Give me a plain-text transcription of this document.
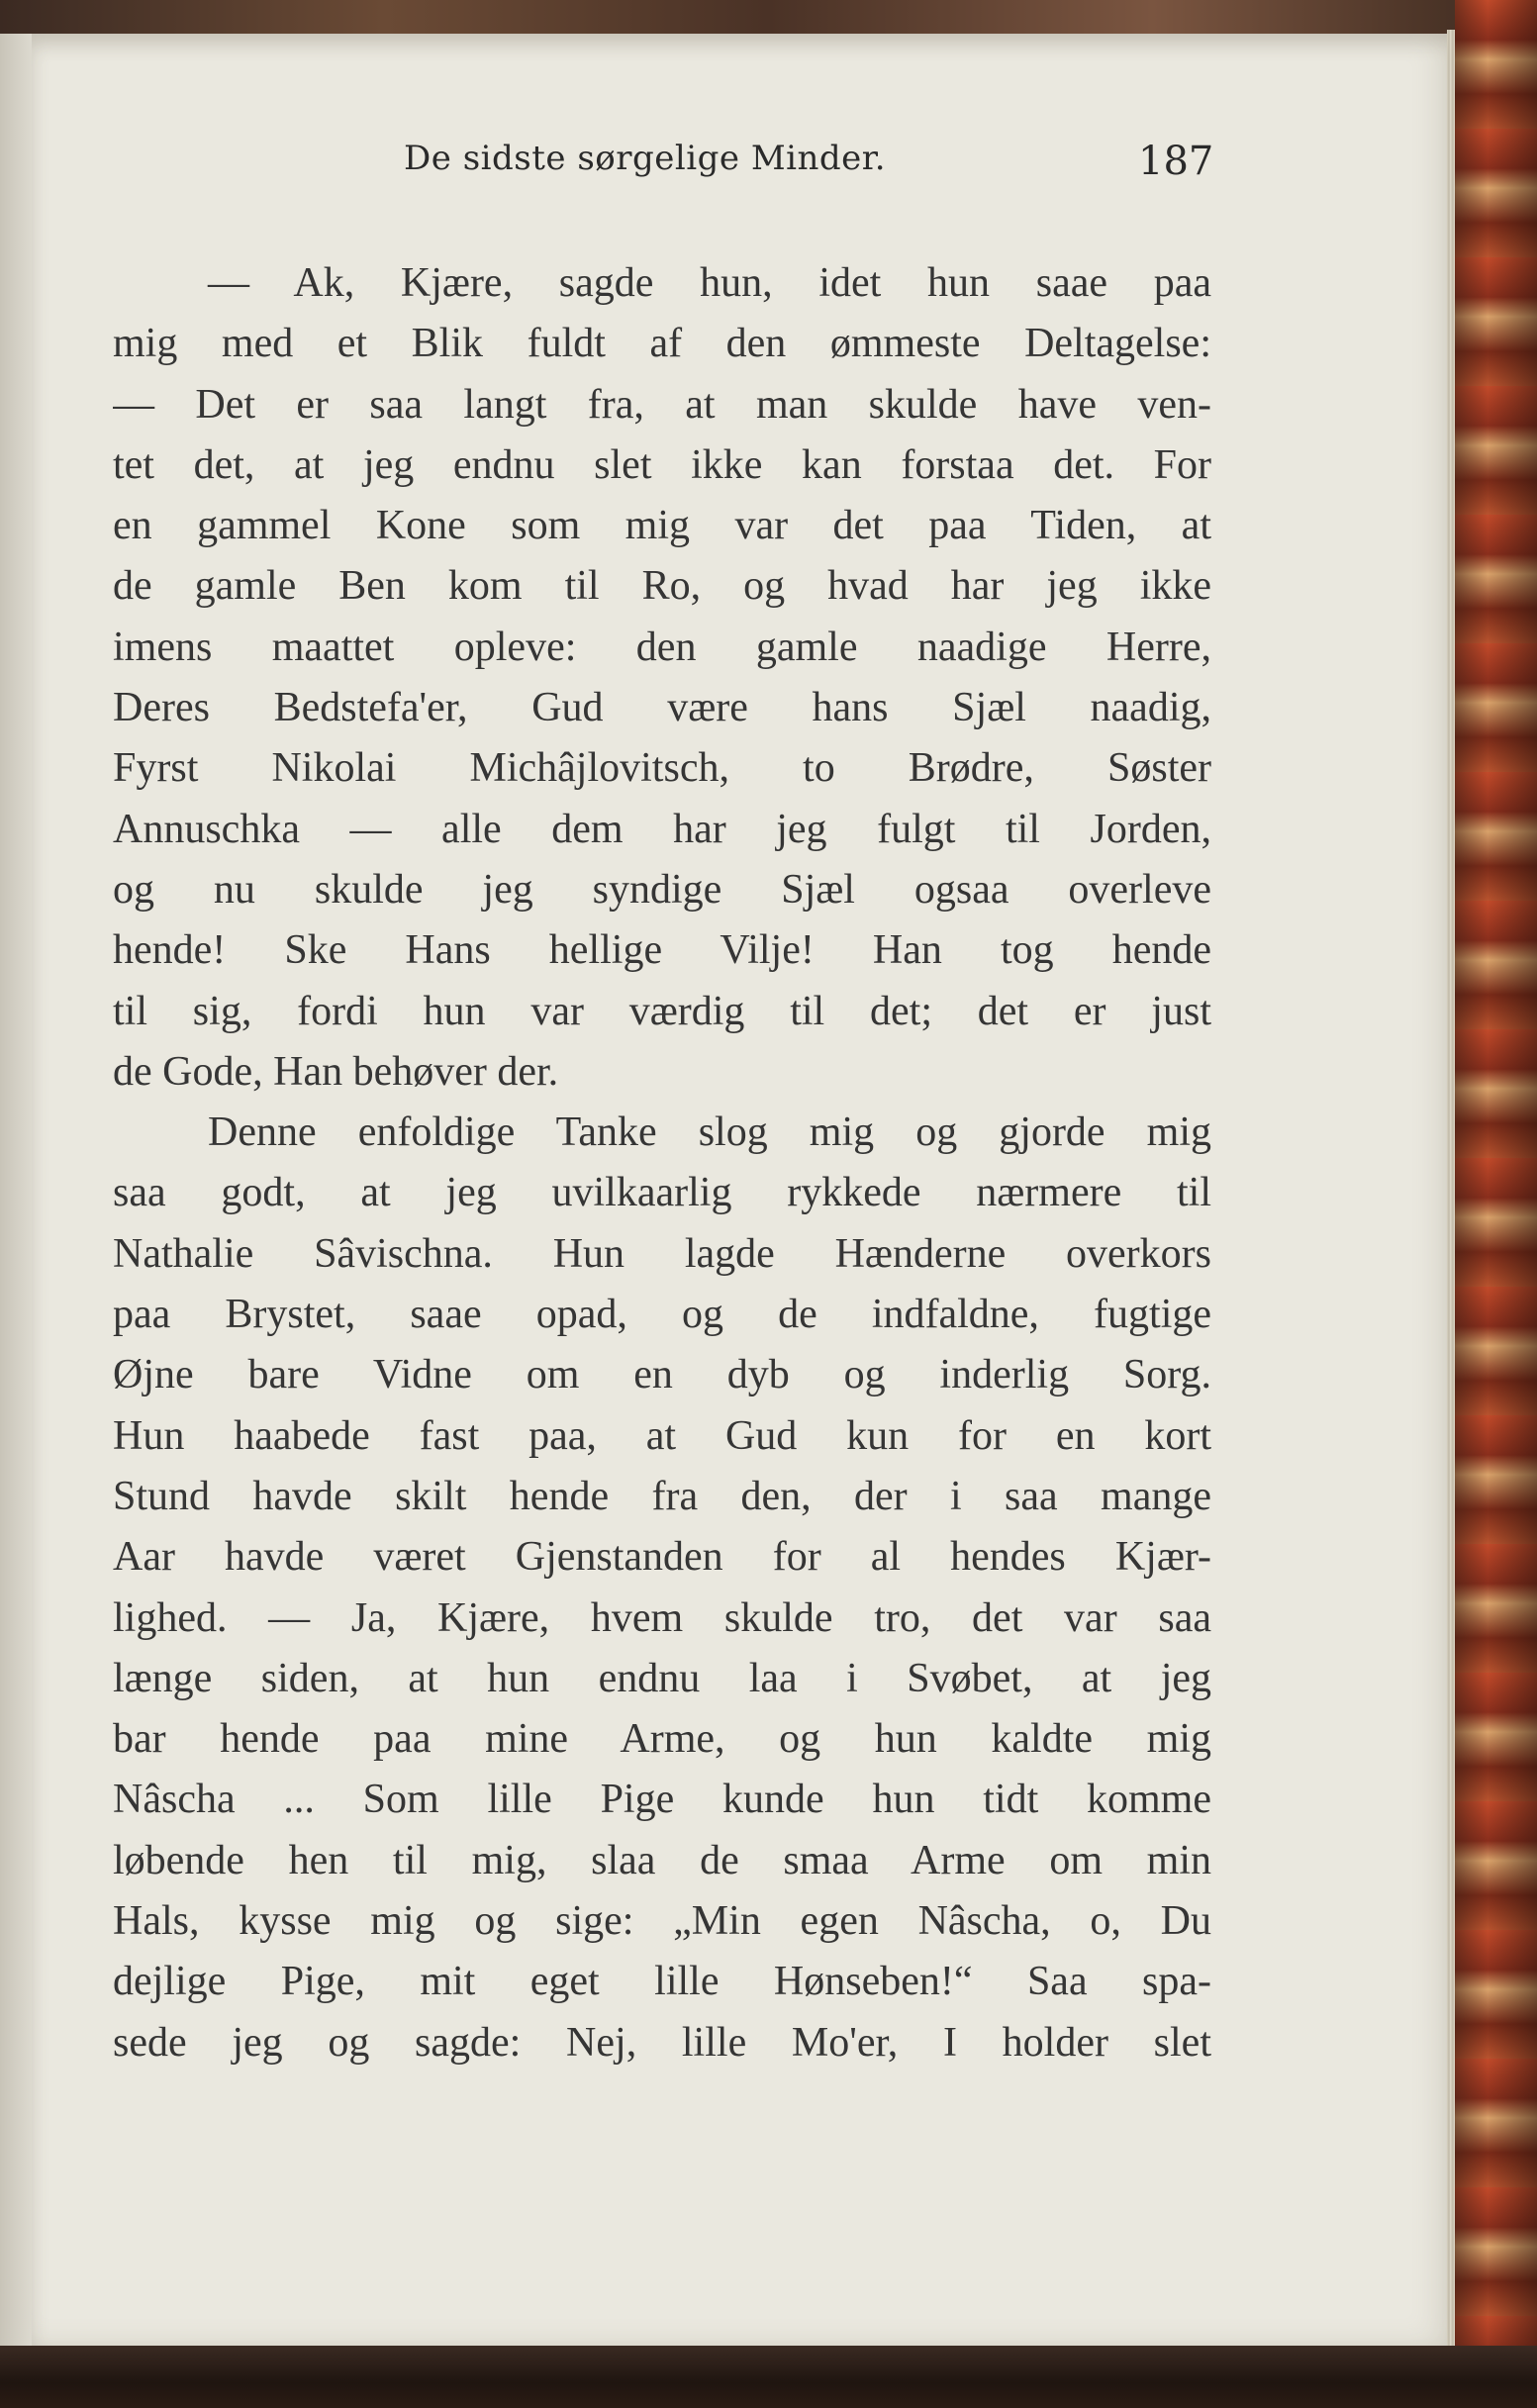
De sidste sørgelige Minder.	187
— Ak, Kjære, sagde hun, idet hun saae paa
mig med et Blik fuldt af den ømmeste Deltagelse:
— Det er saa langt fra, at man skulde have ven-
tet det, at jeg endnu slet ikke kan forstaa det. For
en gammel Kone som mig var det paa Tiden, at
de gamle Ben kom til Ro, og hvad har jeg ikke
imens maattet opleve: den gamle naadige Herre,
Deres Bedstefa'er, Gud være hans Sjæl naadig,
Fyrst Nikolai Michâjlovitsch, to Brødre, Søster
Annuschka — alle dem har jeg fulgt til Jorden,
og nu skulde jeg syndige Sjæl ogsaa overleve
hende! Ske Hans hellige Vilje! Han tog hende
til sig, fordi hun var værdig til det; det er just
de Gode, Han behøver der.
Denne enfoldige Tanke slog mig og gjorde mig
saa godt, at jeg uvilkaarlig rykkede nærmere til
Nathalie Sâvischna. Hun lagde Hænderne overkors
paa Brystet, saae opad, og de indfaldne, fugtige
Øjne bare Vidne om en dyb og inderlig Sorg.
Hun haabede fast paa, at Gud kun for en kort
Stund havde skilt hende fra den, der i saa mange
Aar havde været Gjenstanden for al hendes Kjær-
lighed. — Ja, Kjære, hvem skulde tro, det var saa
længe siden, at hun endnu laa i Svøbet, at jeg
bar hende paa mine Arme, og hun kaldte mig
Nâscha ... Som lille Pige kunde hun tidt komme
løbende hen til mig, slaa de smaa Arme om min
Hals, kysse mig og sige: „Min egen Nâscha, o, Du
dejlige Pige, mit eget lille Hønseben!“ Saa spa-
sede jeg og sagde: Nej, lille Mo'er, I holder slet
